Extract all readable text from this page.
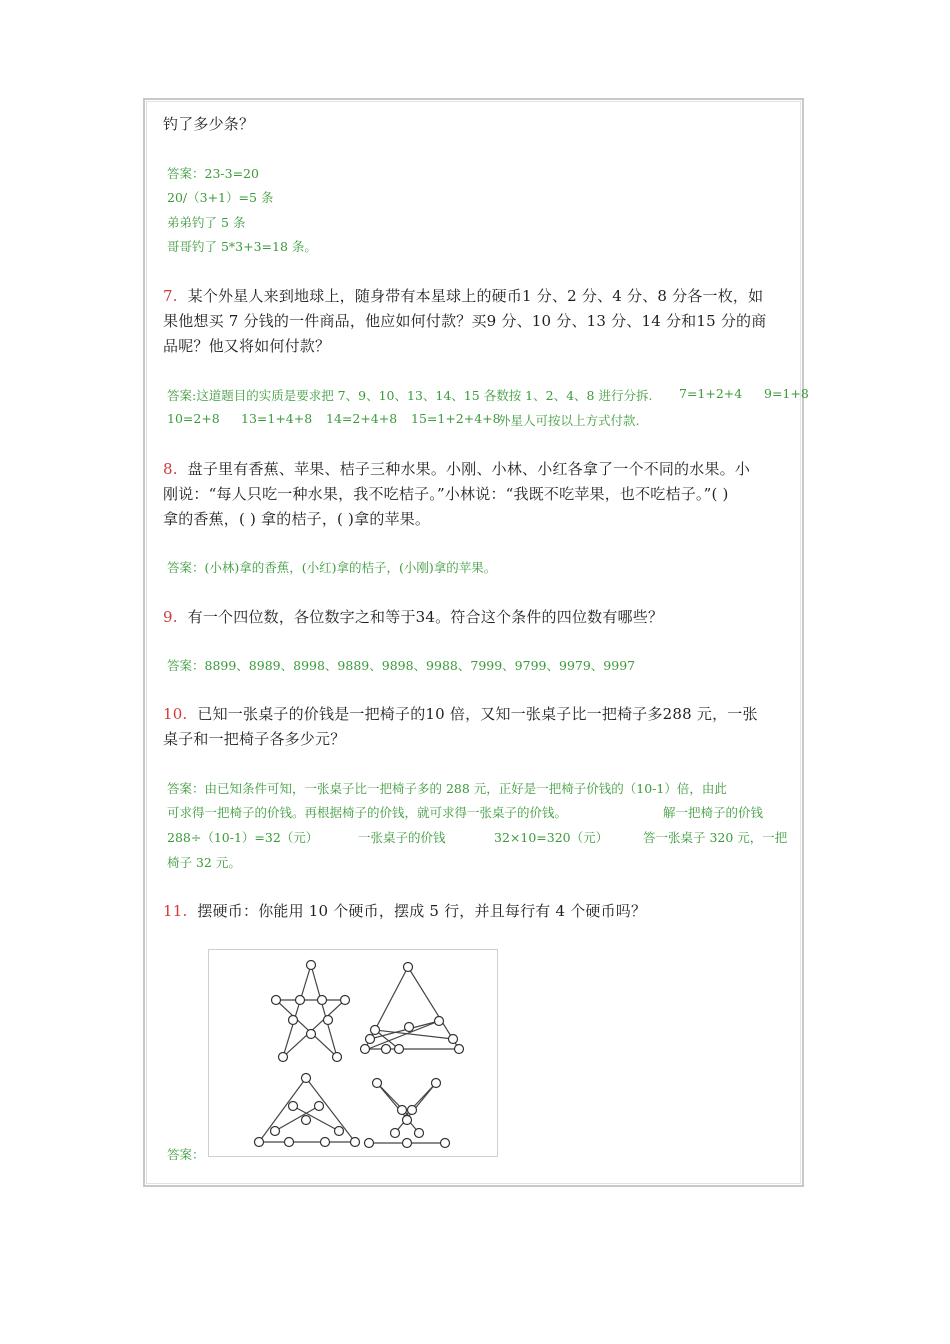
钓了多少条？
答案：23-3=20
20/（3+1）=5 条
弟弟钓了 5 条
哥哥钓了 5*3+3=18 条。
7. 某个外星人来到地球上，随身带有本星球上的硬币1 分、2 分、4 分、8 分各一枚，如
果他想买 7 分钱的一件商品，他应如何付款？买9 分、10 分、13 分、14 分和15 分的商
品呢？他又将如何付款？
答案:这道题目的实质是要求把 7、9、10、13、14、15 各数按 1、2、4、8 进行分拆. 7=1+2+4 9=1+8
10=2+8 13=1+4+8 14=2+4+8 15=1+2+4+8
外星人可按以上方式付款.
8. 盘子里有香蕉、苹果、桔子三种水果。小刚、小林、小红各拿了一个不同的水果。小
刚说：“每人只吃一种水果，我不吃桔子。”小林说：“我既不吃苹果，也不吃桔子。”( )
拿的香蕉，( ) 拿的桔子，( )拿的苹果。
答案：(小林)拿的香蕉，(小红)拿的桔子，(小刚)拿的苹果。
9. 有一个四位数，各位数字之和等于34。符合这个条件的四位数有哪些？
答案：8899、8989、8998、9889、9898、9988、7999、9799、9979、9997
10. 已知一张桌子的价钱是一把椅子的10 倍，又知一张桌子比一把椅子多288 元，一张
桌子和一把椅子各多少元？
答案：由已知条件可知，一张桌子比一把椅子多的 288 元，正好是一把椅子价钱的（10-1）倍，由此
可求得一把椅子的价钱。再根据椅子的价钱，就可求得一张桌子的价钱。	解一把椅子的价钱
288÷（10-1）=32（元）	一张桌子的价钱	32×10=320（元）	答一张桌子 320 元，一把
椅子 32 元。
11. 摆硬币：你能用 10 个硬币，摆成 5 行，并且每行有 4 个硬币吗？
答案：
